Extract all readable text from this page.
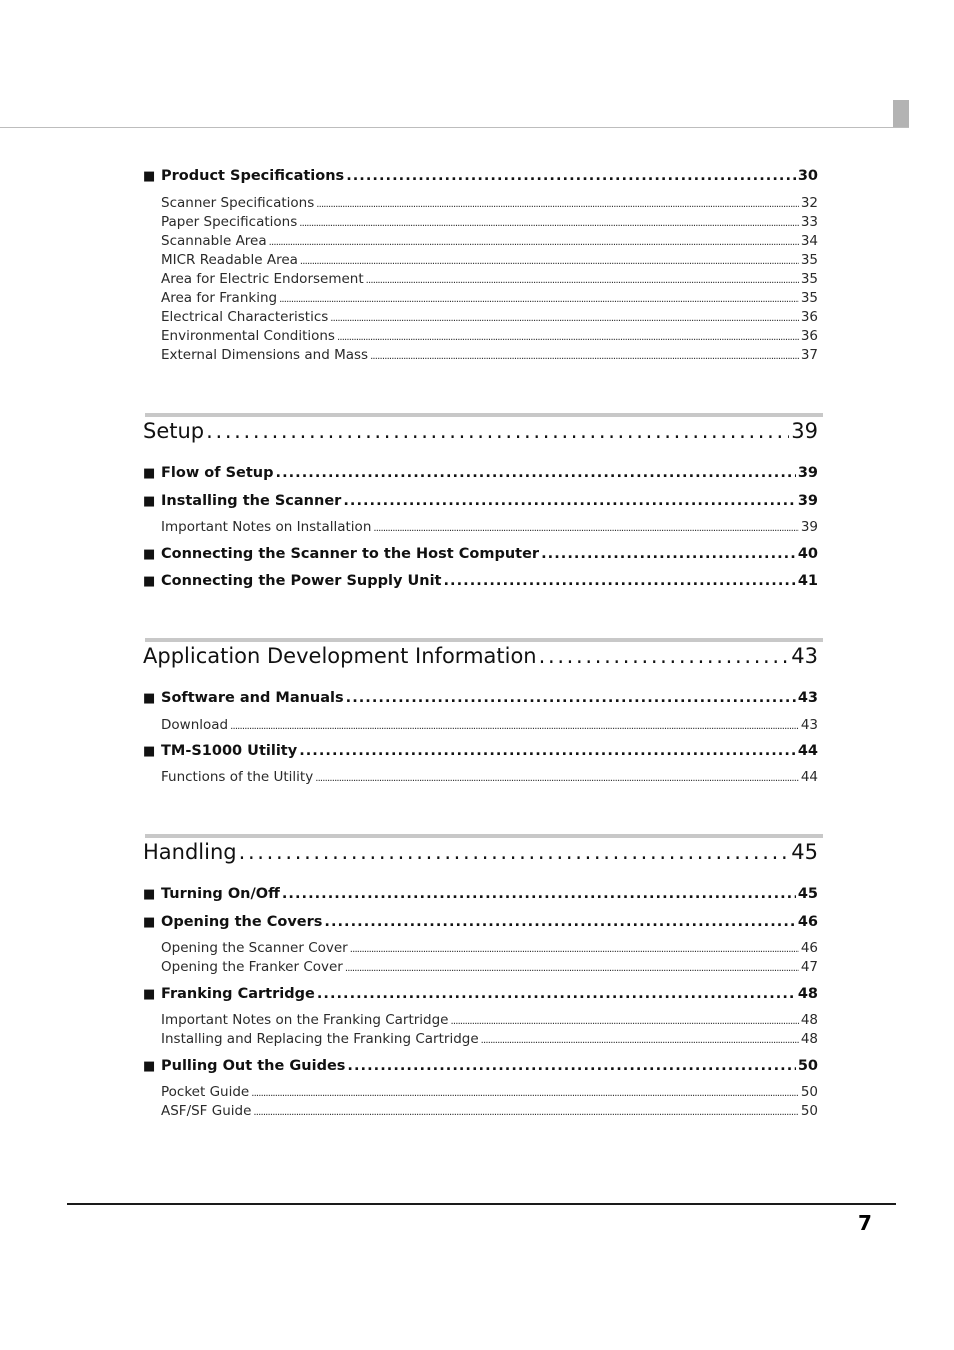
■ Product Specifications . . .	30
Scanner Specifications . . .	32
Paper Specifications . . .	33
Scannable Area . . .	34
MICR Readable Area . . .	35
Area for Electric Endorsement . . .	35
Area for Franking . . .	35
Electrical Characteristics . . .	36
Environmental Conditions . . .	36
External Dimensions and Mass . . .	37
Setup . . .	39
■ Flow of Setup . . .	39
■ Installing the Scanner . . .	39
Important Notes on Installation . . .	39
■ Connecting the Scanner to the Host Computer . . .	40
■ Connecting the Power Supply Unit . . .	41
Application Development Information . . .	43
■ Software and Manuals . . .	43
Download . . .	43
■ TM-S1000 Utility . . .	44
Functions of the Utility . . .	44
Handling . . .	45
■ Turning On/Off . . .	45
■ Opening the Covers . . .	46
Opening the Scanner Cover . . .	46
Opening the Franker Cover . . .	47
■ Franking Cartridge . . .	48
Important Notes on the Franking Cartridge . . .	48
Installing and Replacing the Franking Cartridge . . .	48
■ Pulling Out the Guides . . .	50
Pocket Guide . . .	50
ASF/SF Guide . . .	50
7
